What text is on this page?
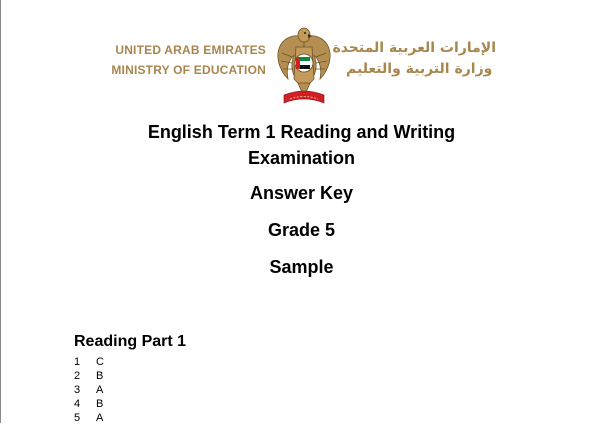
UNITED ARAB EMIRATES
MINISTRY OF EDUCATION
الإمارات العربية المتحدة
وزارة التربية والتعليم

English Term 1 Reading and Writing

Examination

Answer Key

Grade 5

Sample

Reading Part 1
1 C
2 B
3 A
4 B
5 A
